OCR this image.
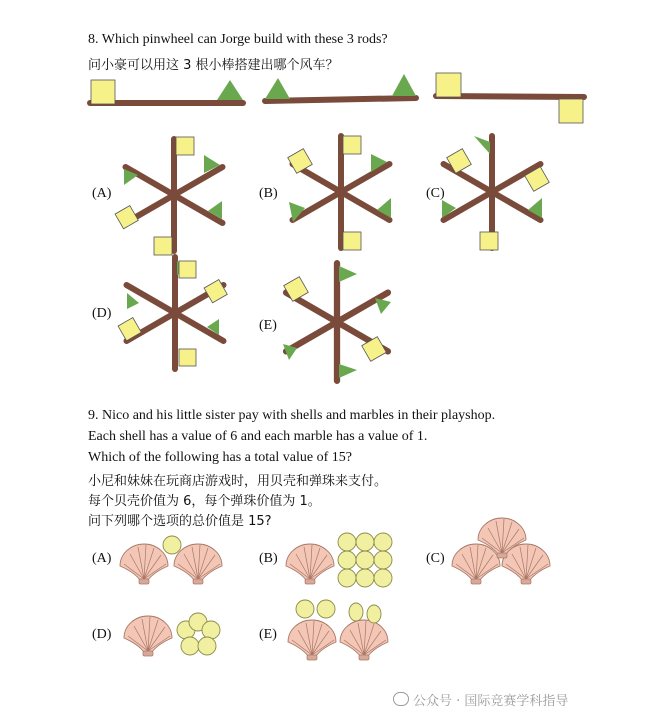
8. Which pinwheel can Jorge build with these 3 rods?
问小豪可以用这 3 根小棒搭建出哪个风车？
(A)	(B)	(C)
(D)
(E)
9. Nico and his little sister pay with shells and marbles in their playshop.
Each shell has a value of 6 and each marble has a value of 1.
Which of the following has a total value of 15?
小尼和妹妹在玩商店游戏时，用贝壳和弹珠来支付。
每个贝壳价值为 6，每个弹珠价值为 1。
问下列哪个选项的总价值是 15?
(A)	(B)	(C)
(D)	(E)
公众号 · 国际竞赛学科指导
